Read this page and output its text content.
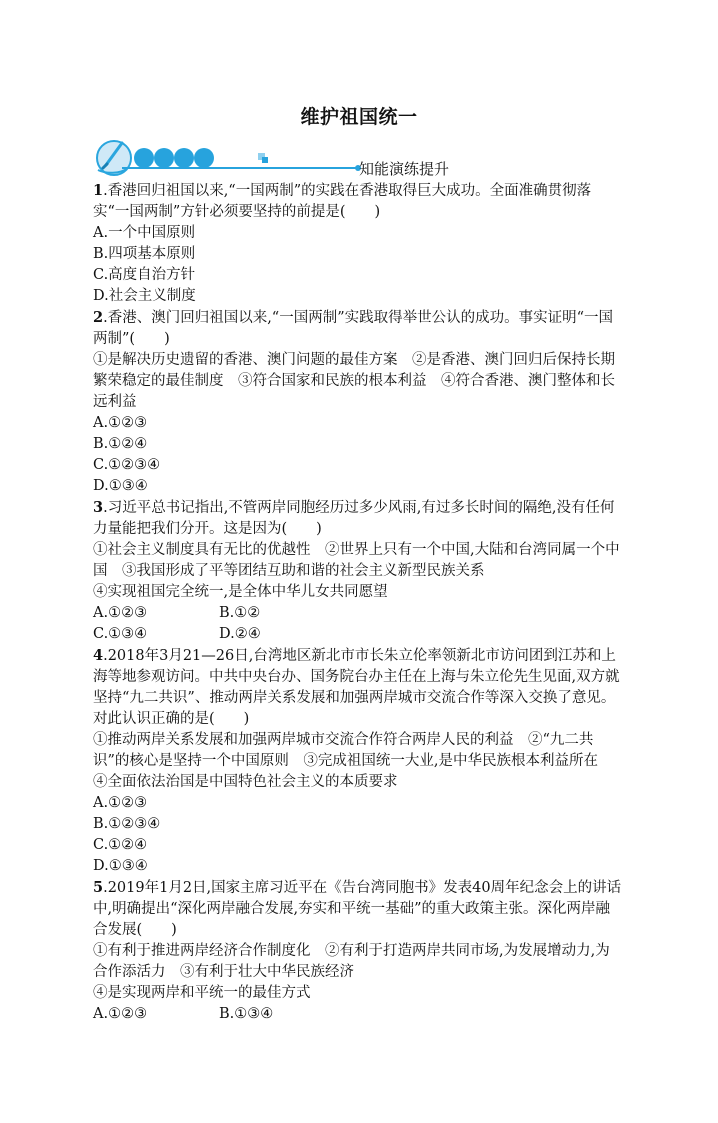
维护祖国统一
知能演练提升

1.香港回归祖国以来,“一国两制”的实践在香港取得巨大成功。全面准确贯彻落实“一国两制”方针必须要坚持的前提是(　　)

A.一个中国原则

B.四项基本原则

C.高度自治方针

D.社会主义制度

2.香港、澳门回归祖国以来,“一国两制”实践取得举世公认的成功。事实证明“一国两制”(　　)

①是解决历史遗留的香港、澳门问题的最佳方案　②是香港、澳门回归后保持长期繁荣稳定的最佳制度　③符合国家和民族的根本利益　④符合香港、澳门整体和长远利益

A.①②③

B.①②④

C.①②③④

D.①③④

3.习近平总书记指出,不管两岸同胞经历过多少风雨,有过多长时间的隔绝,没有任何力量能把我们分开。这是因为(　　)

①社会主义制度具有无比的优越性　②世界上只有一个中国,大陆和台湾同属一个中国　③我国形成了平等团结互助和谐的社会主义新型民族关系

④实现祖国完全统一,是全体中华儿女共同愿望

A.①②③	B.①②

C.①③④	D.②④

4.2018年3月21—26日,台湾地区新北市市长朱立伦率领新北市访问团到江苏和上海等地参观访问。中共中央台办、国务院台办主任在上海与朱立伦先生见面,双方就坚持“九二共识”、推动两岸关系发展和加强两岸城市交流合作等深入交换了意见。对此认识正确的是(　　)

①推动两岸关系发展和加强两岸城市交流合作符合两岸人民的利益　②“九二共识”的核心是坚持一个中国原则　③完成祖国统一大业,是中华民族根本利益所在　④全面依法治国是中国特色社会主义的本质要求

A.①②③

B.①②③④

C.①②④

D.①③④

5.2019年1月2日,国家主席习近平在《告台湾同胞书》发表40周年纪念会上的讲话中,明确提出“深化两岸融合发展,夯实和平统一基础”的重大政策主张。深化两岸融合发展(　　)

①有利于推进两岸经济合作制度化　②有利于打造两岸共同市场,为发展增动力,为合作添活力　③有利于壮大中华民族经济

④是实现两岸和平统一的最佳方式

A.①②③	B.①③④
